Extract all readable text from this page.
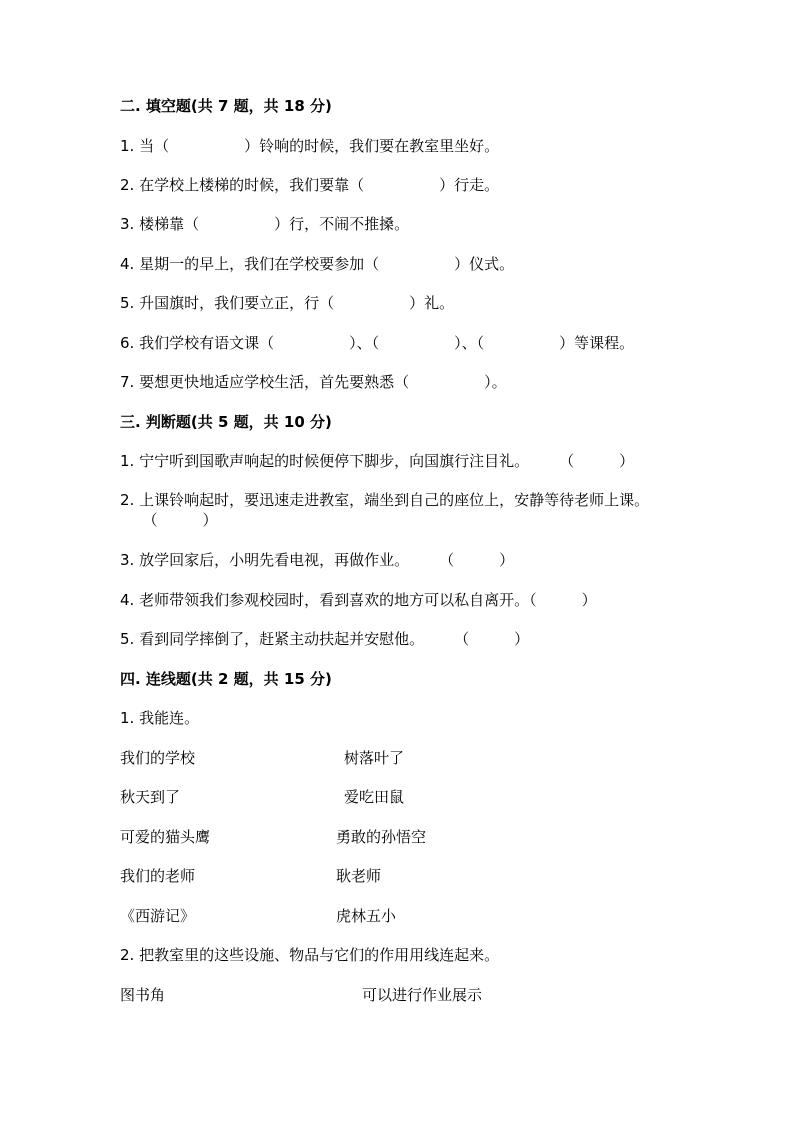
二. 填空题(共 7 题，共 18 分)
1. 当（　　　　　）铃响的时候，我们要在教室里坐好。
2. 在学校上楼梯的时候，我们要靠（　　　　　）行走。
3. 楼梯靠（　　　　　）行，不闹不推搡。
4. 星期一的早上，我们在学校要参加（　　　　　）仪式。
5. 升国旗时，我们要立正，行（　　　　　）礼。
6. 我们学校有语文课（　　　　　）、（　　　　　）、（　　　　　）等课程。
7. 要想更快地适应学校生活，首先要熟悉（　　　　　）。
三. 判断题(共 5 题，共 10 分)
1. 宁宁听到国歌声响起的时候便停下脚步，向国旗行注目礼。　　　（　　　）
2. 上课铃响起时，要迅速走进教室，端坐到自己的座位上，安静等待老师上课。
　　（　　　）
3. 放学回家后，小明先看电视，再做作业。　　　（　　　）
4. 老师带领我们参观校园时，看到喜欢的地方可以私自离开。（　　　）
5. 看到同学摔倒了，赶紧主动扶起并安慰他。　　　（　　　）
四. 连线题(共 2 题，共 15 分)
1. 我能连。
我们的学校	树落叶了
秋天到了	爱吃田鼠
可爱的猫头鹰	勇敢的孙悟空
我们的老师	耿老师
《西游记》	虎林五小
2. 把教室里的这些设施、物品与它们的作用用线连起来。
图书角	可以进行作业展示
